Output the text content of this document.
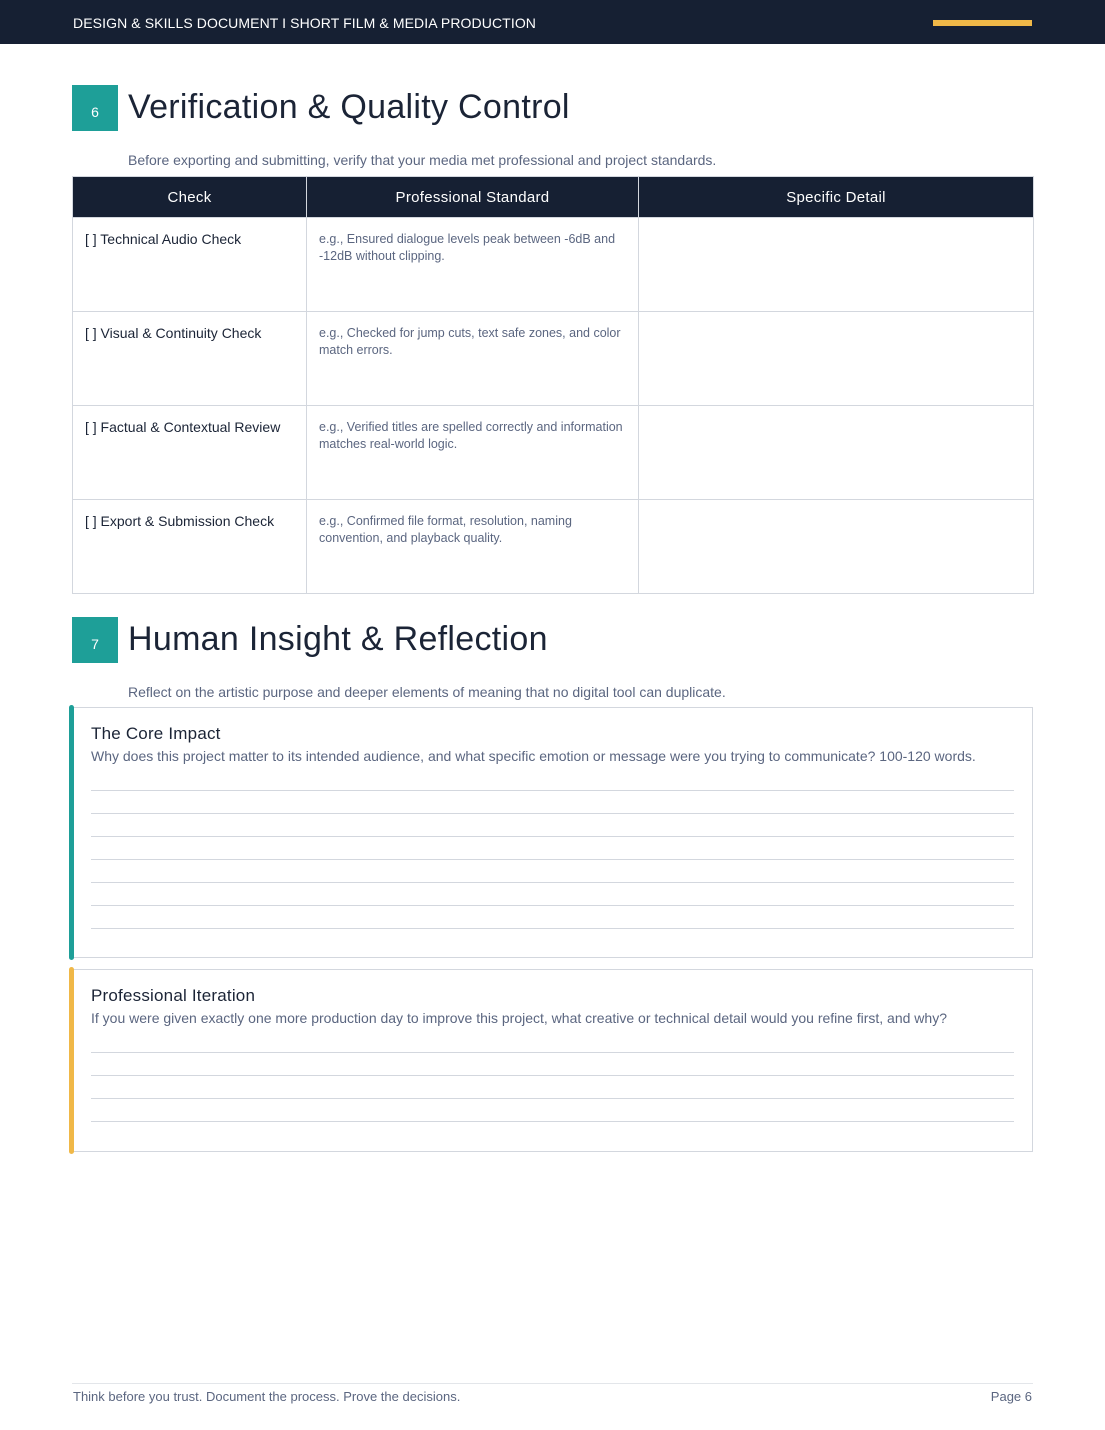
DESIGN & SKILLS DOCUMENT I SHORT FILM & MEDIA PRODUCTION
6 Verification & Quality Control

Before exporting and submitting, verify that your media met professional and project standards.

Check	Professional Standard	Specific Detail
[ ] Technical Audio Check	e.g., Ensured dialogue levels peak between -6dB and -12dB without clipping.	
[ ] Visual & Continuity Check	e.g., Checked for jump cuts, text safe zones, and color match errors.	
[ ] Factual & Contextual Review	e.g., Verified titles are spelled correctly and information matches real-world logic.	
[ ] Export & Submission Check	e.g., Confirmed file format, resolution, naming convention, and playback quality.	
7 Human Insight & Reflection

Reflect on the artistic purpose and deeper elements of meaning that no digital tool can duplicate.

The Core Impact
Why does this project matter to its intended audience, and what specific emotion or message were you trying to communicate? 100-120 words.
Professional Iteration
If you were given exactly one more production day to improve this project, what creative or technical detail would you refine first, and why?
Think before you trust. Document the process. Prove the decisions.	Page 6
